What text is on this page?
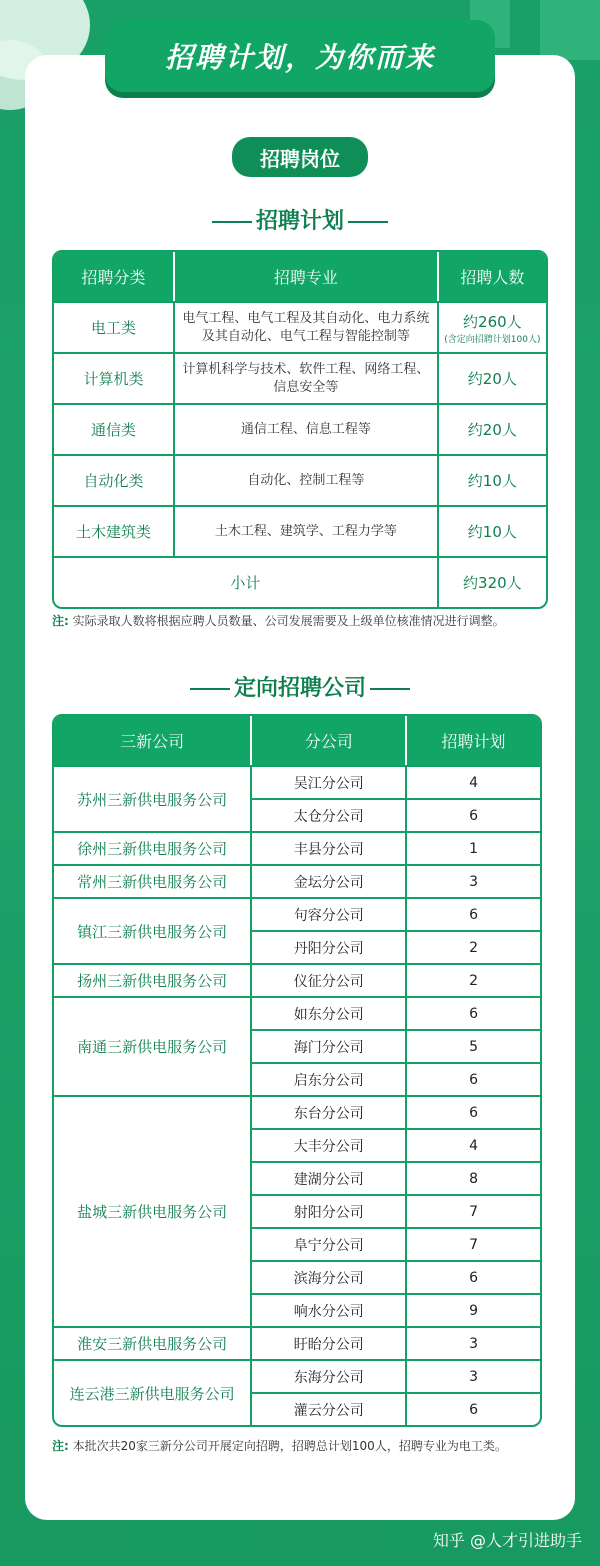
招聘计划，为你而来
招聘岗位
招聘计划
招聘分类	招聘专业	招聘人数
电工类	电气工程、电气工程及其自动化、电力系统及其自动化、电气工程与智能控制等	约260人
(含定向招聘计划100人)

计算机类	计算机科学与技术、软件工程、网络工程、信息安全等	约20人
通信类	通信工程、信息工程等	约20人
自动化类	自动化、控制工程等	约10人
土木建筑类	土木工程、建筑学、工程力学等	约10人
小计		约320人
注: 实际录取人数将根据应聘人员数量、公司发展需要及上级单位核准情况进行调整。
定向招聘公司
三新公司	分公司	招聘计划
苏州三新供电服务公司	吴江分公司	4
	太仓分公司	6
徐州三新供电服务公司	丰县分公司	1
常州三新供电服务公司	金坛分公司	3
镇江三新供电服务公司	句容分公司	6
	丹阳分公司	2
扬州三新供电服务公司	仪征分公司	2
南通三新供电服务公司	如东分公司	6
	海门分公司	5
	启东分公司	6
盐城三新供电服务公司	东台分公司	6
	大丰分公司	4
	建湖分公司	8
	射阳分公司	7
	阜宁分公司	7
	滨海分公司	6
	响水分公司	9
淮安三新供电服务公司	盱眙分公司	3
连云港三新供电服务公司	东海分公司	3
	灌云分公司	6
注: 本批次共20家三新分公司开展定向招聘，招聘总计划100人，招聘专业为电工类。
知乎 @人才引进助手
